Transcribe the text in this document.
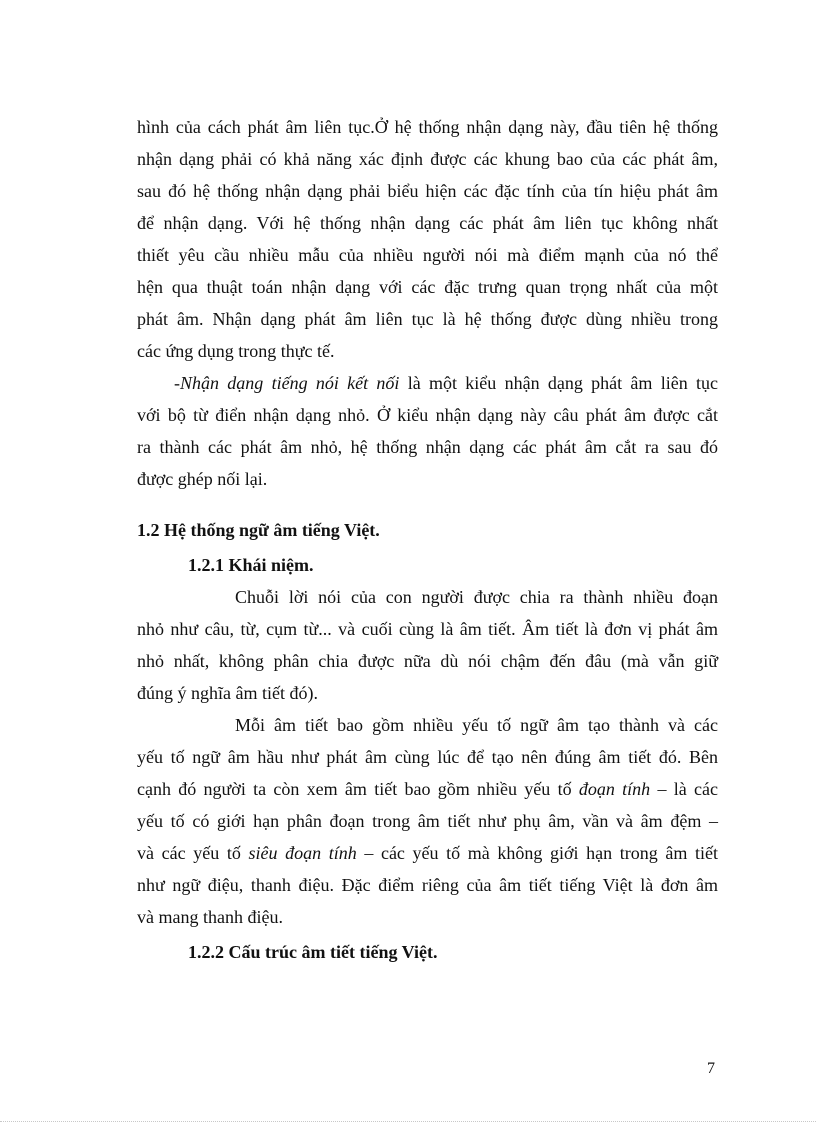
hình của cách phát âm liên tục.Ở hệ thống nhận dạng này, đầu tiên hệ thống
nhận dạng phải có khả năng xác định được các khung bao của các phát âm,
sau đó hệ thống nhận dạng phải biểu hiện các đặc tính của tín hiệu phát âm
để nhận dạng. Với hệ thống nhận dạng các phát âm liên tục không nhất
thiết yêu cầu nhiều mẫu của nhiều người nói mà điểm mạnh của nó thể
hện qua thuật toán nhận dạng với các đặc trưng quan trọng nhất của một
phát âm. Nhận dạng phát âm liên tục là hệ thống được dùng nhiều trong
các ứng dụng trong thực tế.
-Nhận dạng tiếng nói kết nối là một kiểu nhận dạng phát âm liên tục
với bộ từ điển nhận dạng nhỏ. Ở kiểu nhận dạng này câu phát âm được cắt
ra thành các phát âm nhỏ, hệ thống nhận dạng các phát âm cắt ra sau đó
được ghép nối lại.
1.2 Hệ thống ngữ âm tiếng Việt.
1.2.1 Khái niệm.
Chuỗi lời nói của con người được chia ra thành nhiều đoạn
nhỏ như câu, từ, cụm từ... và cuối cùng là âm tiết. Âm tiết là đơn vị phát âm
nhỏ nhất, không phân chia được nữa dù nói chậm đến đâu (mà vẫn giữ
đúng ý nghĩa âm tiết đó).
Mỗi âm tiết bao gồm nhiều yếu tố ngữ âm tạo thành và các
yếu tố ngữ âm hầu như phát âm cùng lúc để tạo nên đúng âm tiết đó. Bên
cạnh đó người ta còn xem âm tiết bao gồm nhiều yếu tố đoạn tính – là các
yếu tố có giới hạn phân đoạn trong âm tiết như phụ âm, vần và âm đệm –
và các yếu tố siêu đoạn tính – các yếu tố mà không giới hạn trong âm tiết
như ngữ điệu, thanh điệu. Đặc điểm riêng của âm tiết tiếng Việt là đơn âm
và mang thanh điệu.
1.2.2 Cấu trúc âm tiết tiếng Việt.
7
